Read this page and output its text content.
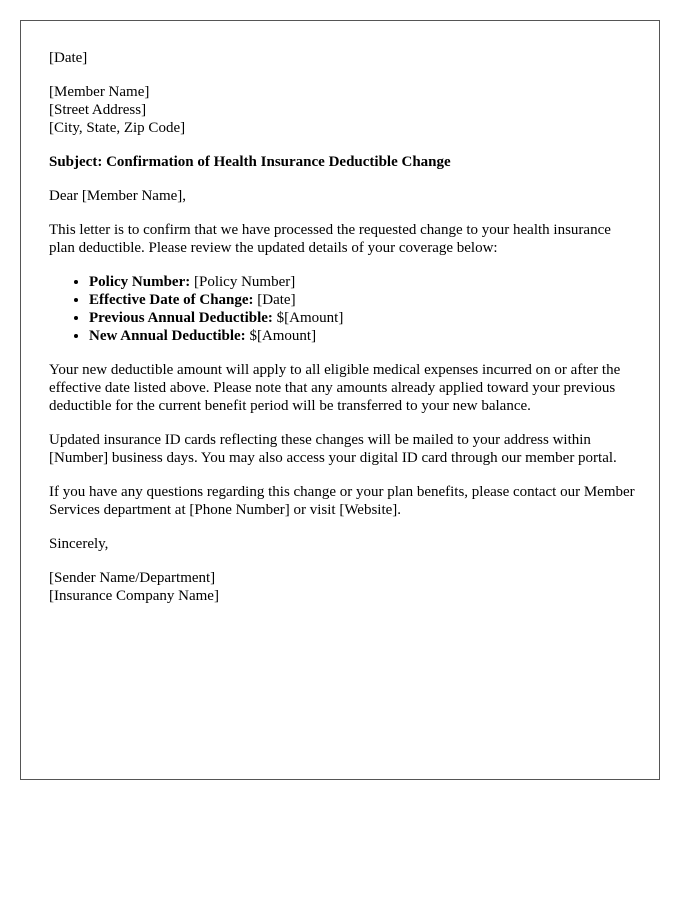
[Date]

[Member Name]
[Street Address]
[City, State, Zip Code]

Subject: Confirmation of Health Insurance Deductible Change

Dear [Member Name],

This letter is to confirm that we have processed the requested change to your health insurance plan deductible. Please review the updated details of your coverage below:

• Policy Number: [Policy Number]
• Effective Date of Change: [Date]
• Previous Annual Deductible: $[Amount]
• New Annual Deductible: $[Amount]

Your new deductible amount will apply to all eligible medical expenses incurred on or after the effective date listed above. Please note that any amounts already applied toward your previous deductible for the current benefit period will be transferred to your new balance.

Updated insurance ID cards reflecting these changes will be mailed to your address within [Number] business days. You may also access your digital ID card through our member portal.

If you have any questions regarding this change or your plan benefits, please contact our Member Services department at [Phone Number] or visit [Website].

Sincerely,

[Sender Name/Department]
[Insurance Company Name]
